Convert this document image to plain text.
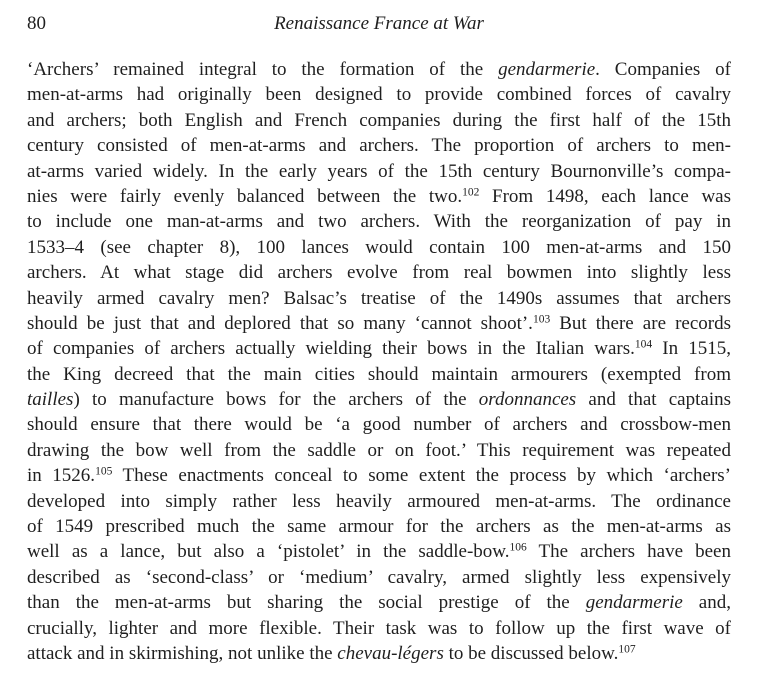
80	Renaissance France at War
‘Archers’ remained integral to the formation of the gendarmerie. Companies of
men-at-arms had originally been designed to provide combined forces of cavalry
and archers; both English and French companies during the first half of the 15th
century consisted of men-at-arms and archers. The proportion of archers to men-
at-arms varied widely. In the early years of the 15th century Bournonville’s compa-
nies were fairly evenly balanced between the two.$^{102}$ From 1498, each lance was
to include one man-at-arms and two archers. With the reorganization of pay in
1533–4 (see chapter 8), 100 lances would contain 100 men-at-arms and 150
archers. At what stage did archers evolve from real bowmen into slightly less
heavily armed cavalry men? Balsac’s treatise of the 1490s assumes that archers
should be just that and deplored that so many ‘cannot shoot’.$^{103}$ But there are records
of companies of archers actually wielding their bows in the Italian wars.$^{104}$ In 1515,
the King decreed that the main cities should maintain armourers (exempted from
tailles) to manufacture bows for the archers of the ordonnances and that captains
should ensure that there would be ‘a good number of archers and crossbow-men
drawing the bow well from the saddle or on foot.’ This requirement was repeated
in 1526.$^{105}$ These enactments conceal to some extent the process by which ‘archers’
developed into simply rather less heavily armoured men-at-arms. The ordinance
of 1549 prescribed much the same armour for the archers as the men-at-arms as
well as a lance, but also a ‘pistolet’ in the saddle-bow.$^{106}$ The archers have been
described as ‘second-class’ or ‘medium’ cavalry, armed slightly less expensively
than the men-at-arms but sharing the social prestige of the gendarmerie and,
crucially, lighter and more flexible. Their task was to follow up the first wave of
attack and in skirmishing, not unlike the chevau-légers to be discussed below.$^{107}$
